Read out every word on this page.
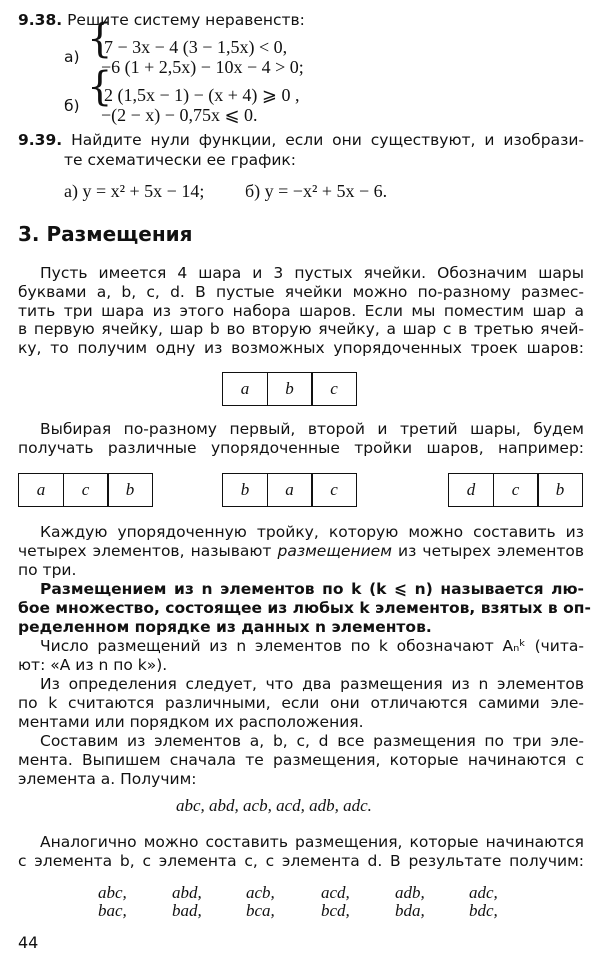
9.38. Решите систему неравенств:
а) {
7 − 3x − 4 (3 − 1,5x) < 0,
−6 (1 + 2,5x) − 10x − 4 > 0;
б) {
2 (1,5x − 1) − (x + 4) ⩾ 0 ,
−(2 − x) − 0,75x ⩽ 0.
9.39. Найдите нули функции, если они существуют, и изобрази-
те схематически ее график:
а) y = x² + 5x − 14; б) y = −x² + 5x − 6.
3. Размещения
Пусть имеется 4 шара и 3 пустых ячейки. Обозначим шары
буквами a, b, c, d. В пустые ячейки можно по-разному размес-
тить три шара из этого набора шаров. Если мы поместим шар a
в первую ячейку, шар b во вторую ячейку, а шар c в третью ячей-
ку, то получим одну из возможных упорядоченных троек шаров:
a	b	c
Выбирая по-разному первый, второй и третий шары, будем
получать различные упорядоченные тройки шаров, например:
a	c	b	b	a	c	d	c	b
Каждую упорядоченную тройку, которую можно составить из
четырех элементов, называют размещением из четырех элементов
по три.
Размещением из n элементов по k (k ⩽ n) называется лю-
бое множество, состоящее из любых k элементов, взятых в оп-
ределенном порядке из данных n элементов.
Число размещений из n элементов по k обозначают Aₙᵏ (чита-
ют: «A из n по k»).
Из определения следует, что два размещения из n элементов
по k считаются различными, если они отличаются самими эле-
ментами или порядком их расположения.
Составим из элементов a, b, c, d все размещения по три эле-
мента. Выпишем сначала те размещения, которые начинаются с
элемента a. Получим:
abc, abd, acb, acd, adb, adc.
Аналогично можно составить размещения, которые начинаются
с элемента b, с элемента c, с элемента d. В результате получим:
abc,	abd,	acb,	acd,	adb,	adc,
bac,	bad,	bca,	bcd,	bda,	bdc,
44
